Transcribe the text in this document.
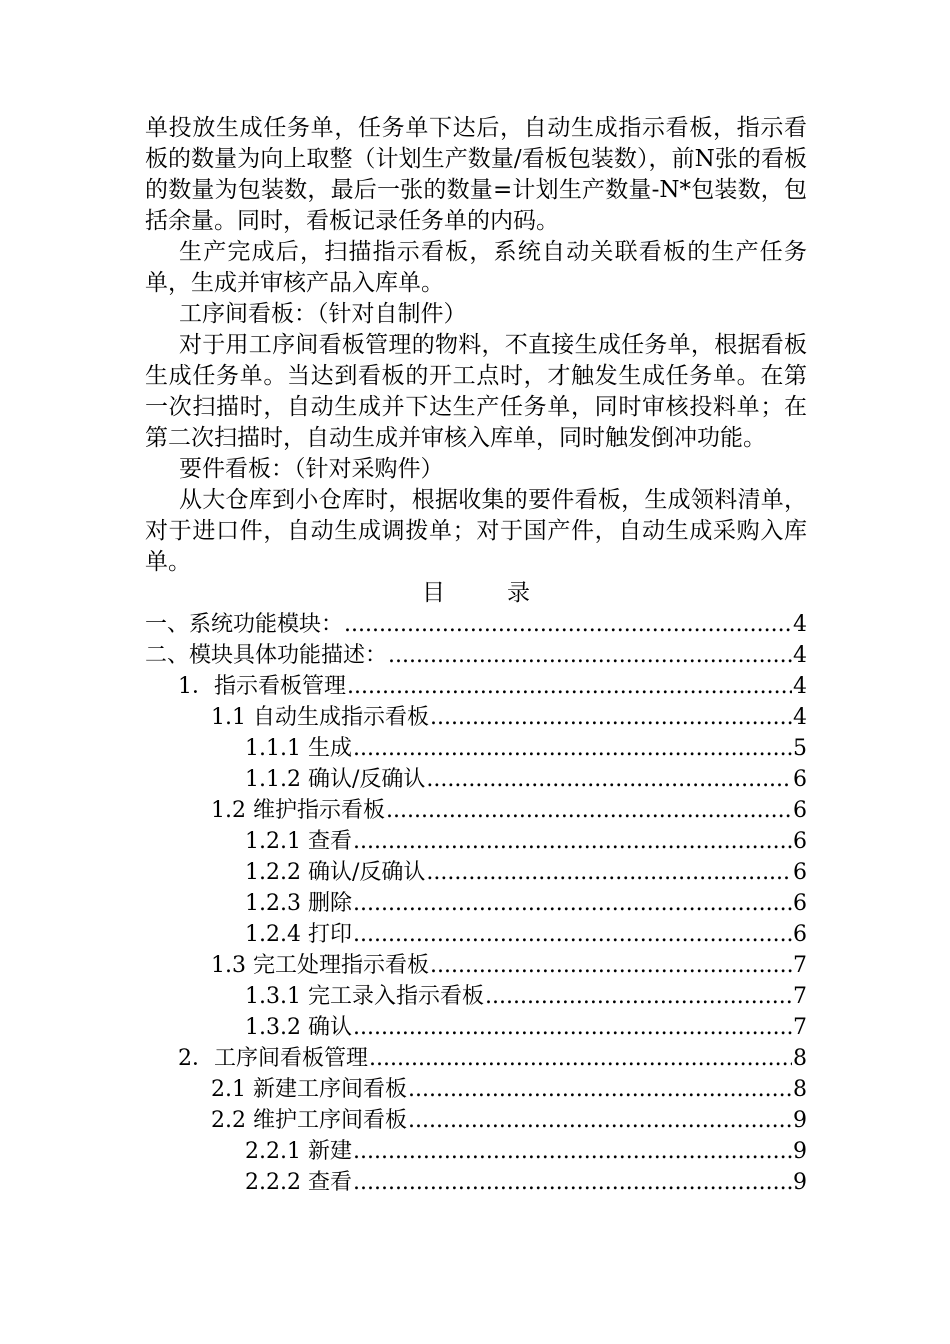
单投放生成任务单，任务单下达后，自动生成指示看板，指示看板的数量为向上取整（计划生产数量/看板包装数），前N张的看板的数量为包装数，最后一张的数量=计划生产数量-N*包装数，包括余量。同时，看板记录任务单的内码。

生产完成后，扫描指示看板，系统自动关联看板的生产任务单，生成并审核产品入库单。

工序间看板：（针对自制件）

对于用工序间看板管理的物料，不直接生成任务单，根据看板生成任务单。当达到看板的开工点时，才触发生成任务单。在第一次扫描时，自动生成并下达生产任务单，同时审核投料单；在第二次扫描时，自动生成并审核入库单，同时触发倒冲功能。

要件看板：（针对采购件）

从大仓库到小仓库时，根据收集的要件看板，生成领料清单，对于进口件，自动生成调拨单；对于国产件，自动生成采购入库单。

目录

一、系统功能模块： .....	4
二、模块具体功能描述： .....	4
1．指示看板管理 .....	4
1.1 自动生成指示看板 .....	4
1.1.1 生成 .....	5
1.1.2 确认/反确认 .....	6
1.2 维护指示看板 .....	6
1.2.1 查看 .....	6
1.2.2 确认/反确认 .....	6
1.2.3 删除 .....	6
1.2.4 打印 .....	6
1.3 完工处理指示看板 .....	7
1.3.1 完工录入指示看板 .....	7
1.3.2 确认 .....	7
2．工序间看板管理 .....	8
2.1 新建工序间看板 .....	8
2.2 维护工序间看板 .....	9
2.2.1 新建 .....	9
2.2.2 查看 .....	9
